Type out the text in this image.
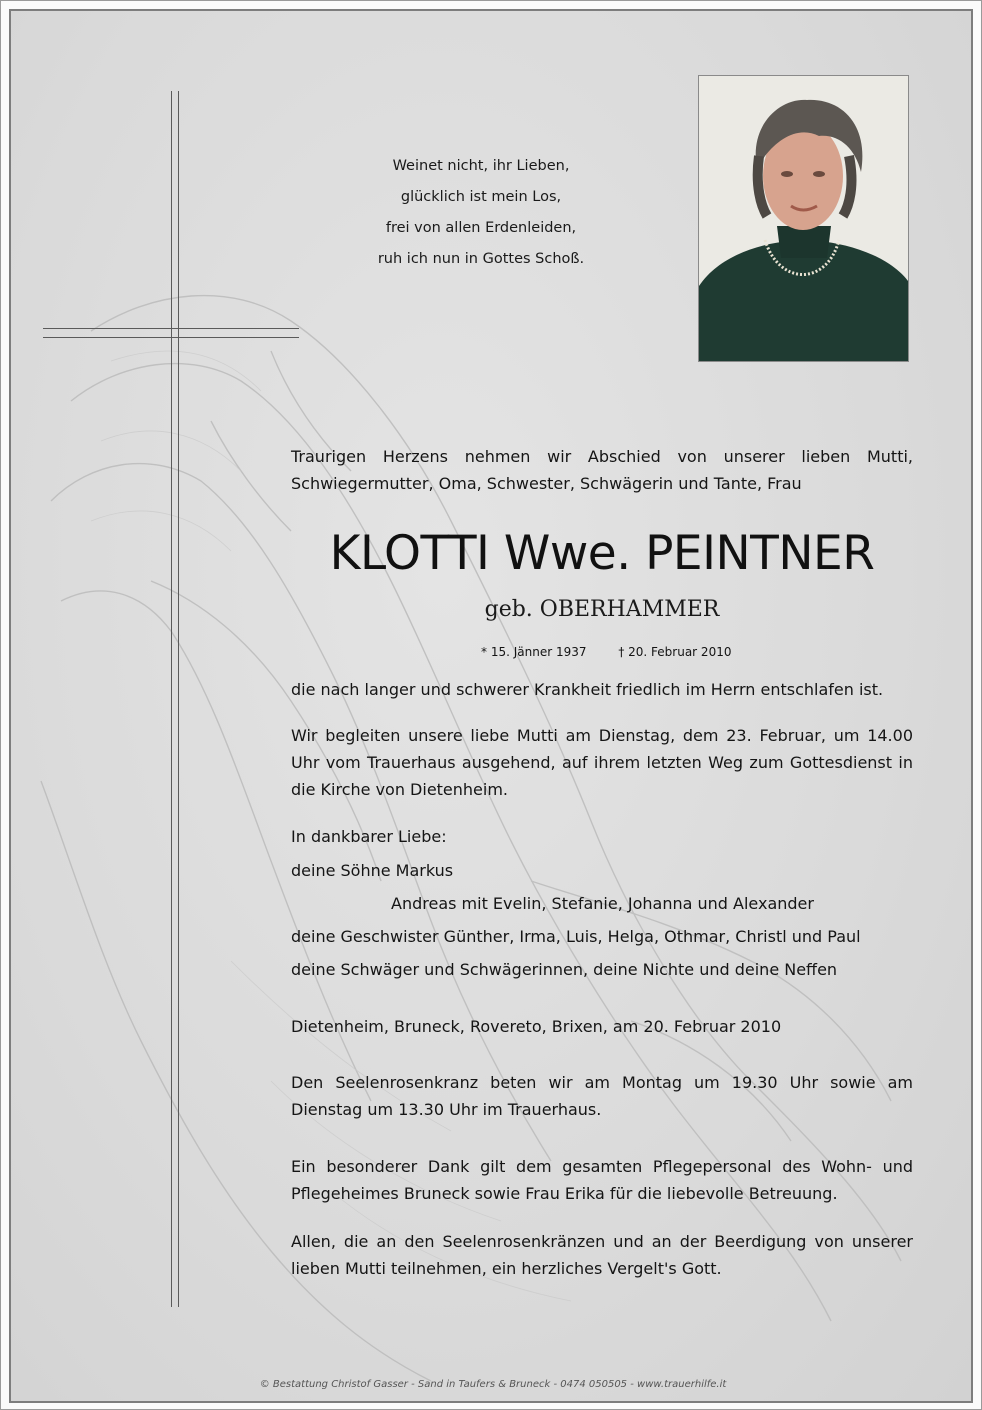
Weinet nicht, ihr Lieben,
glücklich ist mein Los,
frei von allen Erdenleiden,
ruh ich nun in Gottes Schoß.
Traurigen Herzens nehmen wir Abschied von unserer lieben Mutti, Schwiegermutter, Oma, Schwester, Schwägerin und Tante, Frau
KLOTTI Wwe. PEINTNER
geb. OBERHAMMER
* 15. Jänner 1937	† 20. Februar 2010
die nach langer und schwerer Krankheit friedlich im Herrn entschlafen ist.
Wir begleiten unsere liebe Mutti am Dienstag, dem 23. Februar, um 14.00 Uhr vom Trauerhaus ausgehend, auf ihrem letzten Weg zum Gottesdienst in die Kirche von Dietenheim.
In dankbarer Liebe:
deine Söhne Markus
Andreas mit Evelin, Stefanie, Johanna und Alexander
deine Geschwister Günther, Irma, Luis, Helga, Othmar, Christl und Paul
deine Schwäger und Schwägerinnen, deine Nichte und deine Neffen
Dietenheim, Bruneck, Rovereto, Brixen, am 20. Februar 2010
Den Seelenrosenkranz beten wir am Montag um 19.30 Uhr sowie am Dienstag um 13.30 Uhr im Trauerhaus.
Ein besonderer Dank gilt dem gesamten Pflegepersonal des Wohn- und Pflegeheimes Bruneck sowie Frau Erika für die liebevolle Betreuung.
Allen, die an den Seelenrosenkränzen und an der Beerdigung von unserer lieben Mutti teilnehmen, ein herzliches Vergelt's Gott.
© Bestattung Christof Gasser - Sand in Taufers & Bruneck - 0474 050505 - www.trauerhilfe.it
